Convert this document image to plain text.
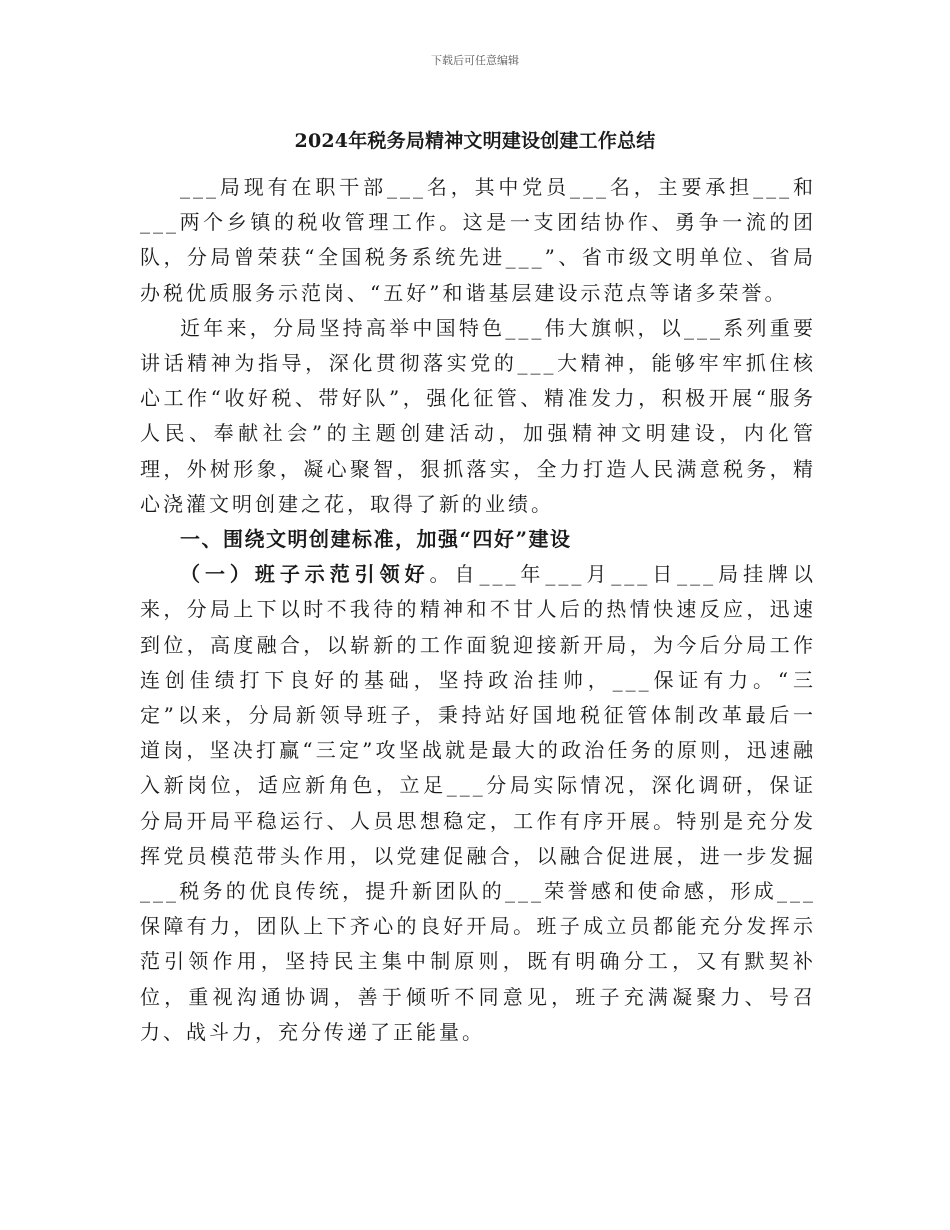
下载后可任意编辑
2024年税务局精神文明建设创建工作总结

___局现有在职干部___名，其中党员___名，主要承担___和___两个乡镇的税收管理工作。这是一支团结协作、勇争一流的团队，分局曾荣获“全国税务系统先进___”、省市级文明单位、省局办税优质服务示范岗、“五好”和谐基层建设示范点等诸多荣誉。

近年来，分局坚持高举中国特色___伟大旗帜，以___系列重要讲话精神为指导，深化贯彻落实党的___大精神，能够牢牢抓住核心工作“收好税、带好队”，强化征管、精准发力，积极开展“服务人民、奉献社会”的主题创建活动，加强精神文明建设，内化管理，外树形象，凝心聚智，狠抓落实，全力打造人民满意税务，精心浇灌文明创建之花，取得了新的业绩。

一、围绕文明创建标准，加强“四好”建设

（一）班子示范引领好。自___年___月___日___局挂牌以来，分局上下以时不我待的精神和不甘人后的热情快速反应，迅速到位，高度融合，以崭新的工作面貌迎接新开局，为今后分局工作连创佳绩打下良好的基础，坚持政治挂帅，___保证有力。“三定”以来，分局新领导班子，秉持站好国地税征管体制改革最后一道岗，坚决打赢“三定”攻坚战就是最大的政治任务的原则，迅速融入新岗位，适应新角色，立足___分局实际情况，深化调研，保证分局开局平稳运行、人员思想稳定，工作有序开展。特别是充分发挥党员模范带头作用，以党建促融合，以融合促进展，进一步发掘___税务的优良传统，提升新团队的___荣誉感和使命感，形成___保障有力，团队上下齐心的良好开局。班子成立员都能充分发挥示范引领作用，坚持民主集中制原则，既有明确分工，又有默契补位，重视沟通协调，善于倾听不同意见，班子充满凝聚力、号召力、战斗力，充分传递了正能量。
